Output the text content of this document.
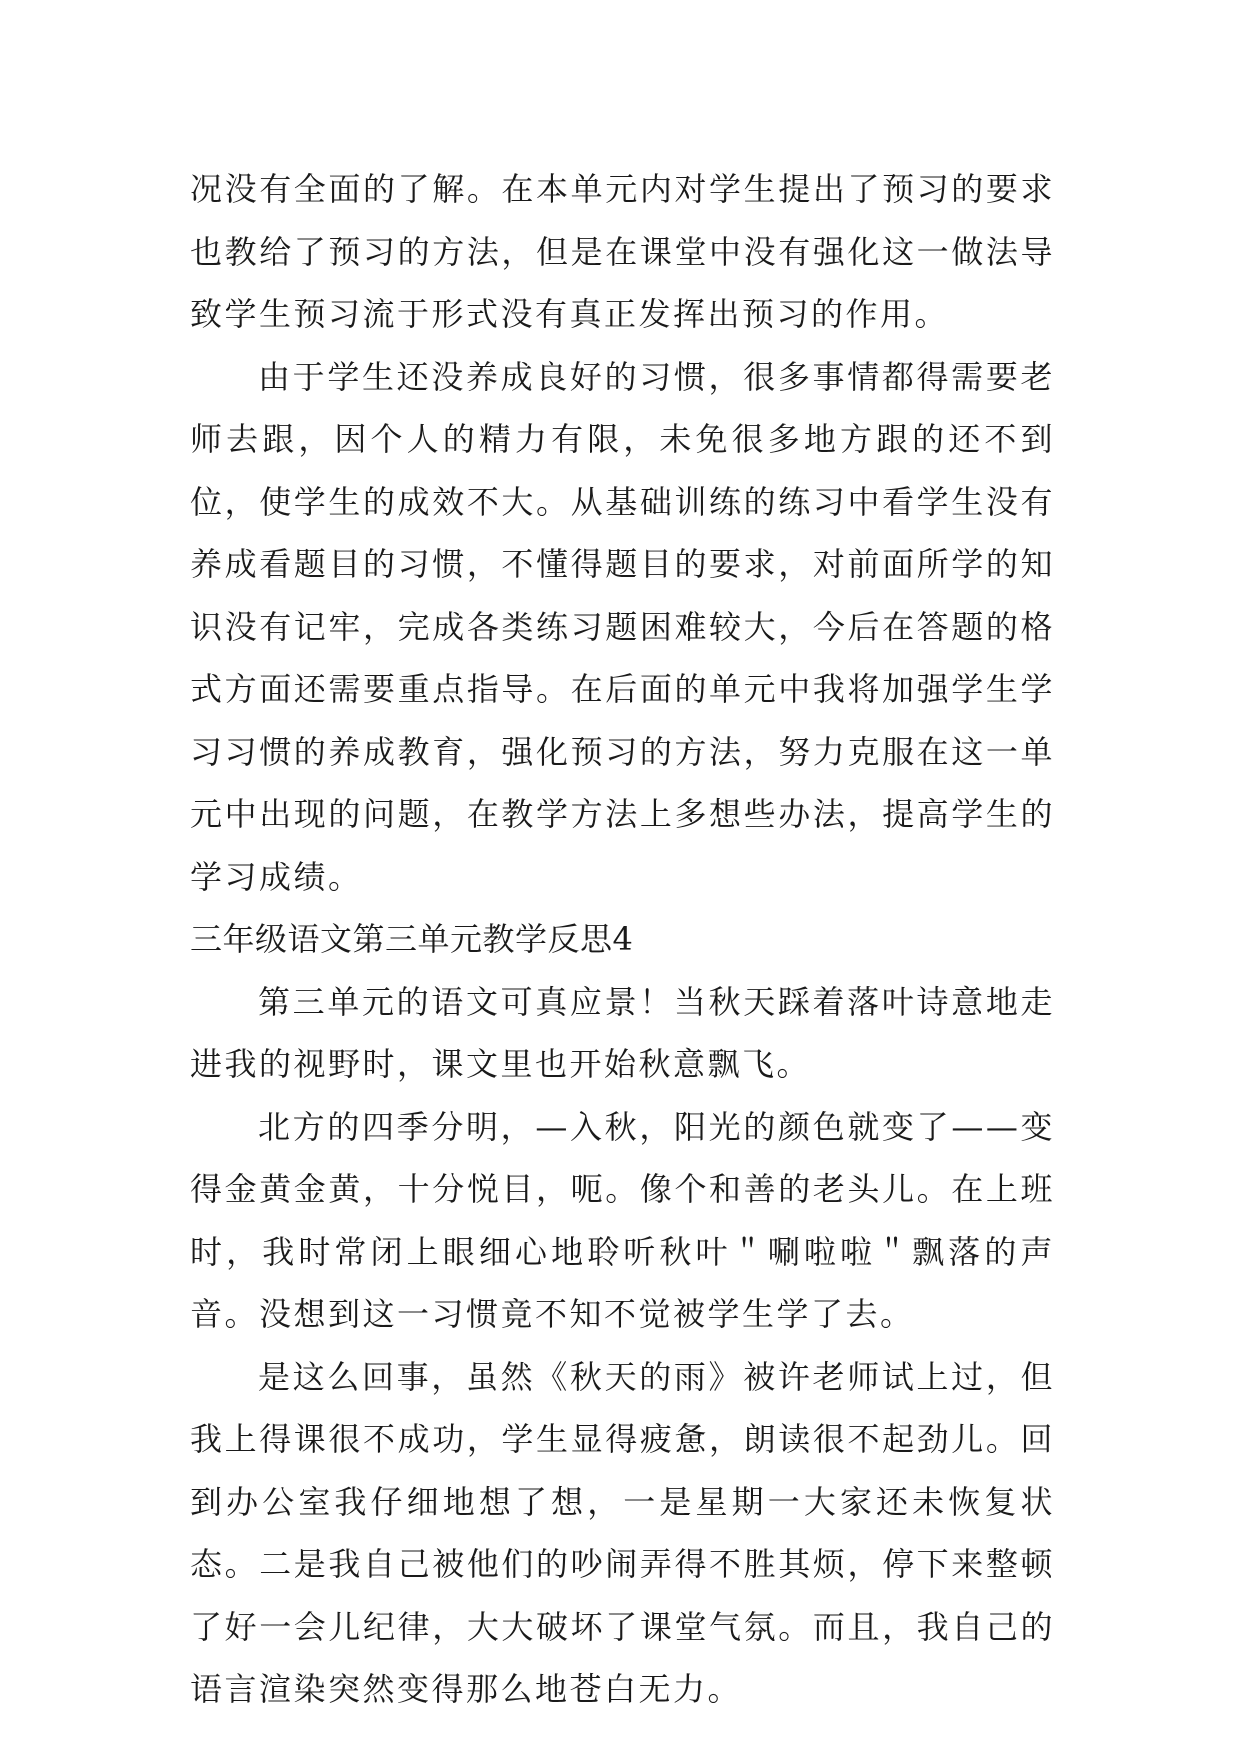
况没有全面的了解。在本单元内对学生提出了预习的要求也教给了预习的方法，但是在课堂中没有强化这一做法导致学生预习流于形式没有真正发挥出预习的作用。

由于学生还没养成良好的习惯，很多事情都得需要老师去跟，因个人的精力有限，未免很多地方跟的还不到位，使学生的成效不大。从基础训练的练习中看学生没有养成看题目的习惯，不懂得题目的要求，对前面所学的知识没有记牢，完成各类练习题困难较大，今后在答题的格式方面还需要重点指导。在后面的单元中我将加强学生学习习惯的养成教育，强化预习的方法，努力克服在这一单元中出现的问题，在教学方法上多想些办法，提高学生的学习成绩。

三年级语文第三单元教学反思4

第三单元的语文可真应景！当秋天踩着落叶诗意地走进我的视野时，课文里也开始秋意飘飞。

北方的四季分明，—入秋，阳光的颜色就变了——变得金黄金黄，十分悦目，呃。像个和善的老头儿。在上班时，我时常闭上眼细心地聆听秋叶＂唰啦啦＂飘落的声音。没想到这一习惯竟不知不觉被学生学了去。

是这么回事，虽然《秋天的雨》被许老师试上过，但我上得课很不成功，学生显得疲惫，朗读很不起劲儿。回到办公室我仔细地想了想，一是星期一大家还未恢复状态。二是我自己被他们的吵闹弄得不胜其烦，停下来整顿了好一会儿纪律，大大破坏了课堂气氛。而且，我自己的语言渲染突然变得那么地苍白无力。
